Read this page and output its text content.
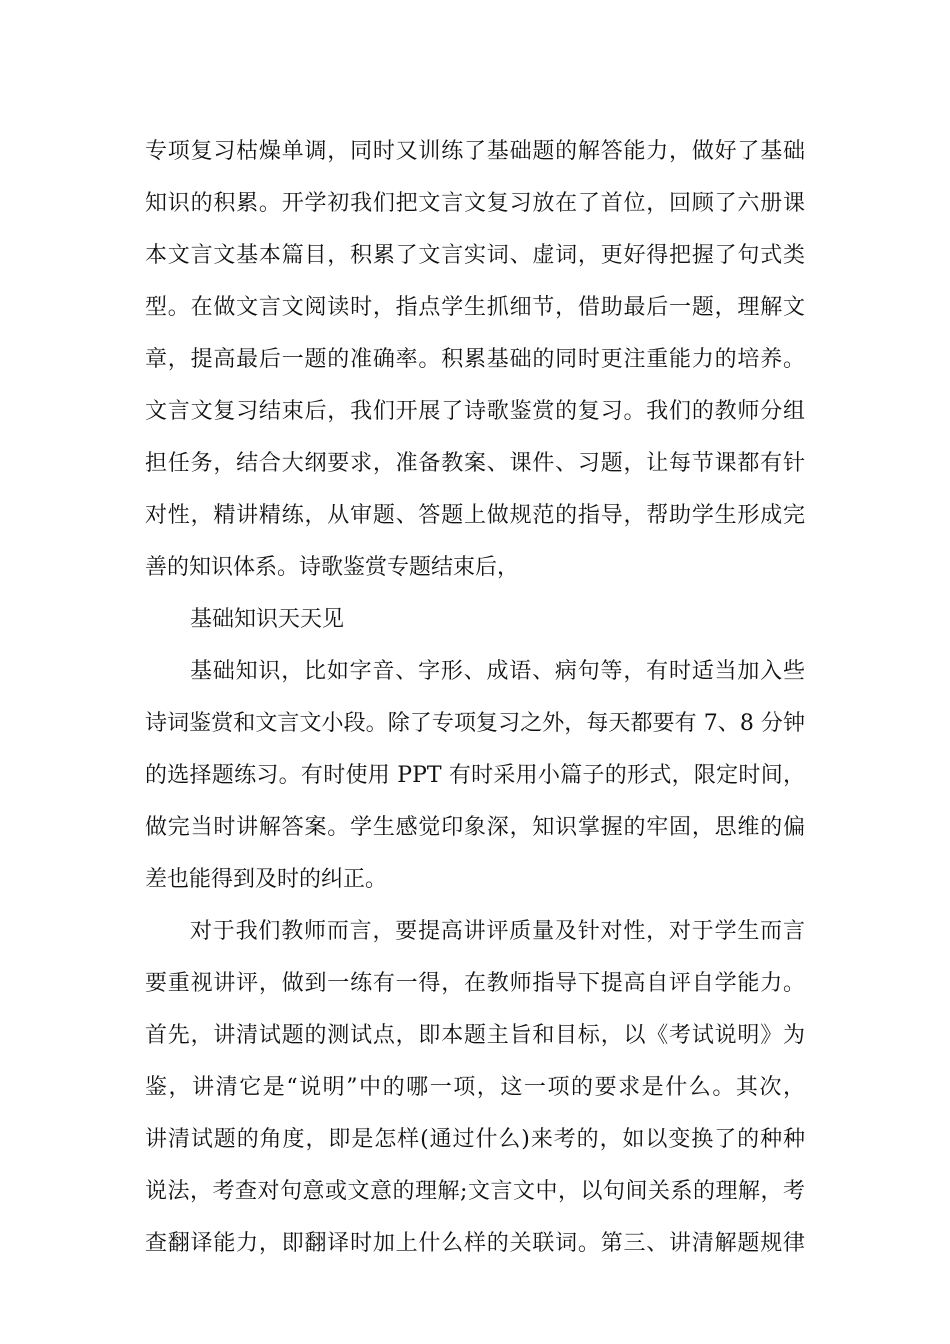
专项复习枯燥单调，同时又训练了基础题的解答能力，做好了基础
知识的积累。开学初我们把文言文复习放在了首位，回顾了六册课
本文言文基本篇目，积累了文言实词、虚词，更好得把握了句式类
型。在做文言文阅读时，指点学生抓细节，借助最后一题，理解文
章，提高最后一题的准确率。积累基础的同时更注重能力的培养。
文言文复习结束后，我们开展了诗歌鉴赏的复习。我们的教师分组
担任务，结合大纲要求，准备教案、课件、习题，让每节课都有针
对性，精讲精练，从审题、答题上做规范的指导，帮助学生形成完
善的知识体系。诗歌鉴赏专题结束后，
基础知识天天见
基础知识，比如字音、字形、成语、病句等，有时适当加入些
诗词鉴赏和文言文小段。除了专项复习之外，每天都要有 7、8 分钟
的选择题练习。有时使用 PPT 有时采用小篇子的形式，限定时间，
做完当时讲解答案。学生感觉印象深，知识掌握的牢固，思维的偏
差也能得到及时的纠正。
对于我们教师而言，要提高讲评质量及针对性，对于学生而言
要重视讲评，做到一练有一得，在教师指导下提高自评自学能力。
首先，讲清试题的测试点，即本题主旨和目标，以《考试说明》为
鉴，讲清它是“说明”中的哪一项，这一项的要求是什么。其次，
讲清试题的角度，即是怎样(通过什么)来考的，如以变换了的种种
说法，考查对句意或文意的理解;文言文中，以句间关系的理解，考
查翻译能力，即翻译时加上什么样的关联词。第三、讲清解题规律
